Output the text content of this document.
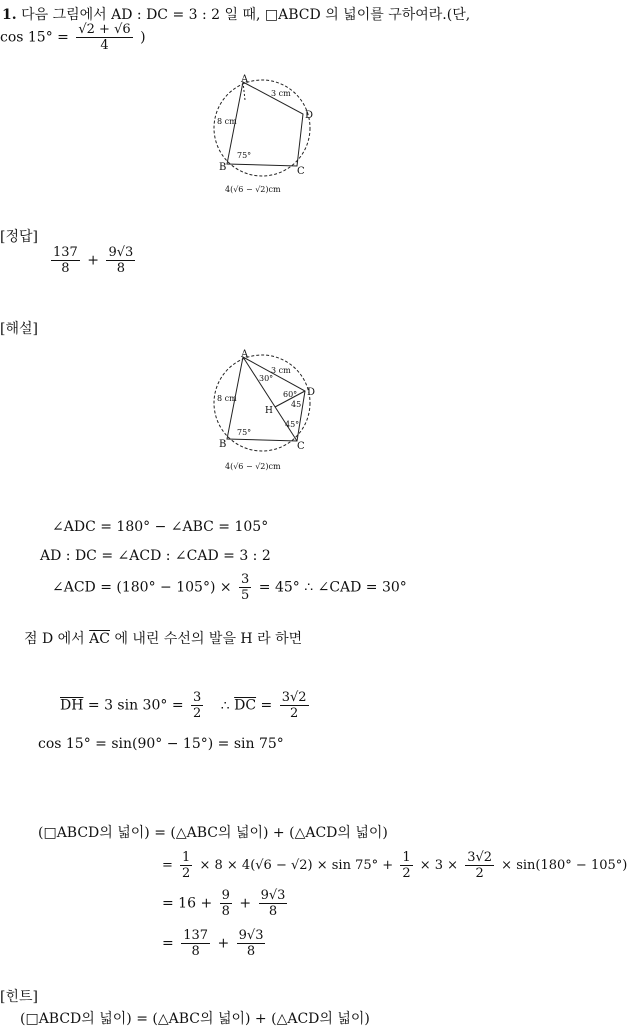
1. 다음 그림에서 AD : DC = 3 : 2 일 때, □ABCD 의 넓이를 구하여라.(단,
$\cos 15^\circ = \frac{√2 + √6}{4}$ )
A
B	C
D
3 cm
8 cm
75°
4(√6 − √2)cm
[정답]
$\frac{137}{8} + \frac{9√3}{8}$
[해설]
A
B	C
D
H
3 cm
8 cm
30°
60°
45
45°
75°
4(√6 − √2)cm
∠ADC = 180° − ∠ABC = 105°
AD : DC = ∠ACD : ∠CAD = 3 : 2
∠ACD = $(180^\circ - 105^\circ) \times \frac{3}{5} = 45^\circ$ ∴ ∠CAD = 30°
점 D 에서 $\overline{AC}$ 에 내린 수선의 발을 H 라 하면
$\overline{DH} = 3$ $\sin 30^\circ = \frac{3}{2}$ ∴ $\overline{DC} = \frac{3√2}{2}$
cos 15° = sin(90° − 15°) = sin 75°
(□ABCD의 넓이) = (△ABC의 넓이) + (△ACD의 넓이)
= $\frac{1}{2} \times 8 \times 4(√6 - √2) \times \sin 75^\circ + \frac{1}{2} \times 3 \times \frac{3√2}{2} \times \sin(180^\circ - 105^\circ)$
= $16 + \frac{9}{8} + \frac{9√3}{8}$
= $\frac{137}{8} + \frac{9√3}{8}$
[힌트]
(□ABCD의 넓이) = (△ABC의 넓이) + (△ACD의 넓이)
